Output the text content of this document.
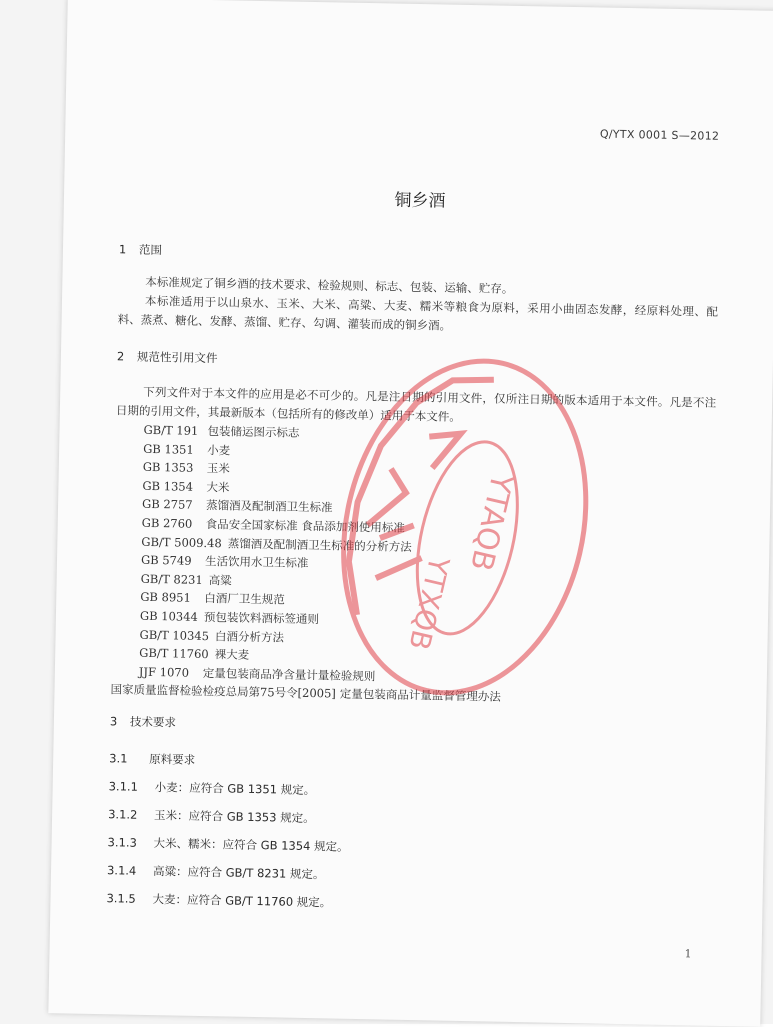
Q/YTX 0001 S—2012
铜乡酒
1 范围
本标准规定了铜乡酒的技术要求、检验规则、标志、包装、运输、贮存。
本标准适用于以山泉水、玉米、大米、高粱、大麦、糯米等粮食为原料，采用小曲固态发酵，经原料处理、配料、蒸煮、糖化、发酵、蒸馏、贮存、勾调、灌装而成的铜乡酒。
2 规范性引用文件
下列文件对于本文件的应用是必不可少的。凡是注日期的引用文件，仅所注日期的版本适用于本文件。凡是不注日期的引用文件，其最新版本（包括所有的修改单）适用于本文件。
GB/T 191 包装储运图示标志
GB 1351 小麦
GB 1353 玉米
GB 1354 大米
GB 2757 蒸馏酒及配制酒卫生标准
GB 2760 食品安全国家标准 食品添加剂使用标准
GB/T 5009.48 蒸馏酒及配制酒卫生标准的分析方法
GB 5749 生活饮用水卫生标准
GB/T 8231 高粱
GB 8951 白酒厂卫生规范
GB 10344 预包装饮料酒标签通则
GB/T 10345 白酒分析方法
GB/T 11760 裸大麦
JJF 1070 定量包装商品净含量计量检验规则
国家质量监督检验检疫总局第75号令[2005] 定量包装商品计量监督管理办法
3 技术要求
3.1 原料要求
3.1.1 小麦：应符合 GB 1351 规定。
3.1.2 玉米：应符合 GB 1353 规定。
3.1.3 大米、糯米：应符合 GB 1354 规定。
3.1.4 高粱：应符合 GB/T 8231 规定。
3.1.5 大麦：应符合 GB/T 11760 规定。
1
YTAQB
YTXQB
